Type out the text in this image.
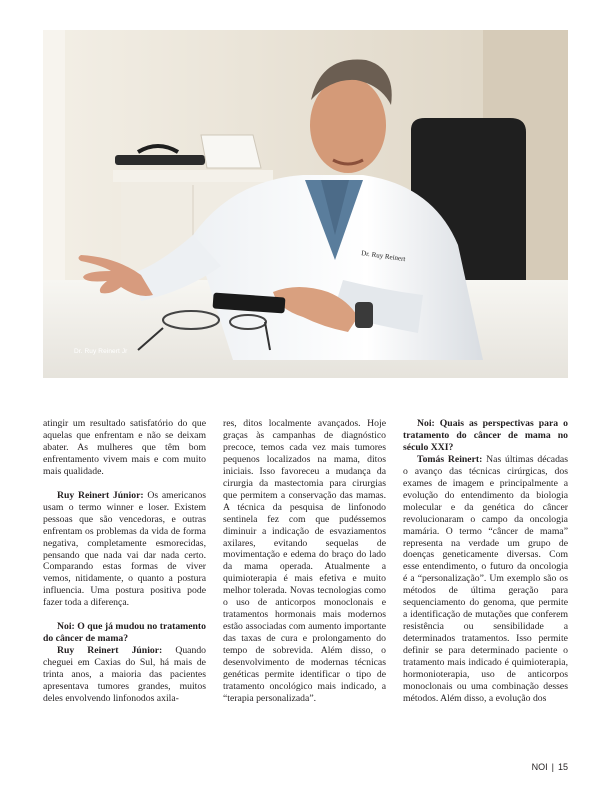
Dr. Ruy Reinert
Dr. Ruy Reinert Jr

atingir um resultado satisfatório do que aquelas que enfrentam e não se deixam abater. As mulheres que têm bom enfrentamento vivem mais e com muito mais qualidade.

Ruy Reinert Júnior: Os americanos usam o termo winner e loser. Existem pessoas que são vencedoras, e outras enfrentam os problemas da vida de forma negativa, completamente esmorecidas, pensando que nada vai dar nada certo. Comparando estas formas de viver vemos, nitidamente, o quanto a postura influencia. Uma postura positiva pode fazer toda a diferença.

Noi: O que já mudou no tratamento do câncer de mama?

Ruy Reinert Júnior: Quando cheguei em Caxias do Sul, há mais de trinta anos, a maioria das pacientes apresentava tumores grandes, muitos deles envolvendo linfonodos axila-

res, ditos localmente avançados. Hoje graças às campanhas de diagnóstico precoce, temos cada vez mais tumores pequenos localizados na mama, ditos iniciais. Isso favoreceu a mudança da cirurgia da mastectomia para cirurgias que permitem a conservação das mamas. A técnica da pesquisa de linfonodo sentinela fez com que pudéssemos diminuir a indicação de esvaziamentos axilares, evitando sequelas de movimentação e edema do braço do lado da mama operada. Atualmente a quimioterapia é mais efetiva e muito melhor tolerada. Novas tecnologias como o uso de anticorpos monoclonais e tratamentos hormonais mais modernos estão associadas com aumento importante das taxas de cura e prolongamento do tempo de sobrevida. Além disso, o desenvolvimento de modernas técnicas genéticas permite identificar o tipo de tratamento oncológico mais indicado, a “terapia personalizada”.

Noi: Quais as perspectivas para o tratamento do câncer de mama no século XXI?

Tomás Reinert: Nas últimas décadas o avanço das técnicas cirúrgicas, dos exames de imagem e principalmente a evolução do entendimento da biologia molecular e da genética do câncer revolucionaram o campo da oncologia mamária. O termo “câncer de mama” representa na verdade um grupo de doenças geneticamente diversas. Com esse entendimento, o futuro da oncologia é a “personalização”. Um exemplo são os métodos de última geração para sequenciamento do genoma, que permite a identificação de mutações que conferem resistência ou sensibilidade a determinados tratamentos. Isso permite definir se para determinado paciente o tratamento mais indicado é quimioterapia, hormonioterapia, uso de anticorpos monoclonais ou uma combinação desses métodos. Além disso, a evolução dos

NOI | 15
